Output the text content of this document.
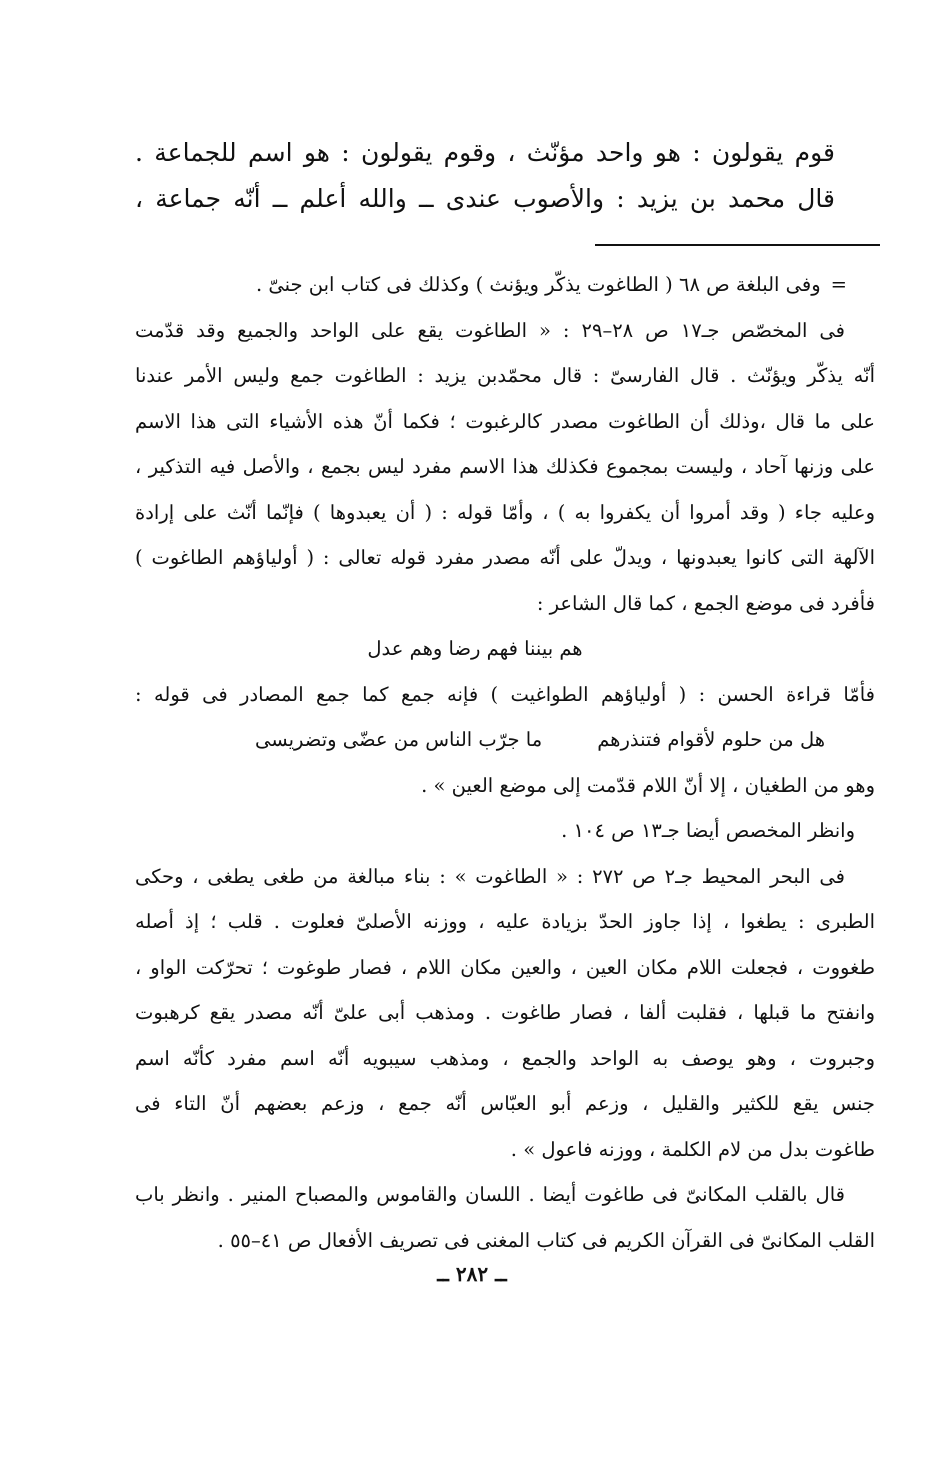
قوم يقولون : هو واحد مؤنّث ، وقوم يقولون : هو اسم للجماعة .
قال محمد بن يزيد : والأصوب عندى ــ والله أعلم ــ أنّه جماعة ،
=وفى البلغة ص ٦٨ ( الطاغوت يذكّر ويؤنث ) وكذلك فى كتاب ابن جنىّ .
فى المخصّص جـ١٧ ص ٢٨–٢٩ : « الطاغوت يقع على الواحد والجميع وقد قدّمت
أنّه يذكّر ويؤنّث . قال الفارسىّ : قال محمّدبن يزيد : الطاغوت جمع وليس الأمر عندنا
على ما قال ،وذلك أن الطاغوت مصدر كالرغبوت ؛ فكما أنّ هذه الأشياء التى هذا الاسم
على وزنها آحاد ، وليست بمجموع فكذلك هذا الاسم مفرد ليس بجمع ، والأصل فيه التذكير ،
وعليه جاء ( وقد أمروا أن يكفروا به ) ، وأمّا قوله : ( أن يعبدوها ) فإنّما أنّث على إرادة
الآلهة التى كانوا يعبدونها ، ويدلّ على أنّه مصدر مفرد قوله تعالى : ( أولياؤهم الطاغوت )
فأفرد فى موضع الجمع ، كما قال الشاعر :
هم بيننا فهم رضا وهم عدل
فأمّا قراءة الحسن : ( أولياؤهم الطواغيت ) فإنه جمع كما جمع المصادر فى قوله :
هل من حلوم لأقوام فتنذرهمما جرّب الناس من عضّى وتضريسى
وهو من الطغيان ، إلا أنّ اللام قدّمت إلى موضع العين » .
وانظر المخصص أيضا جـ١٣ ص ١٠٤ .
فى البحر المحيط جـ٢ ص ٢٧٢ : « الطاغوت » : بناء مبالغة من طغى يطغى ، وحكى
الطبرى : يطغوا ، إذا جاوز الحدّ بزيادة عليه ، ووزنه الأصلىّ فعلوت . قلب ؛ إذ أصله
طغووت ، فجعلت اللام مكان العين ، والعين مكان اللام ، فصار طوغوت ؛ تحرّكت الواو ،
وانفتح ما قبلها ، فقلبت ألفا ، فصار طاغوت . ومذهب أبى علىّ أنّه مصدر يقع كرهبوت
وجبروت ، وهو يوصف به الواحد والجمع ، ومذهب سيبويه أنّه اسم مفرد كأنّه اسم
جنس يقع للكثير والقليل ، وزعم أبو العبّاس أنّه جمع ، وزعم بعضهم أنّ التاء فى
طاغوت بدل من لام الكلمة ، ووزنه فاعول » .
قال بالقلب المكانىّ فى طاغوت أيضا . اللسان والقاموس والمصباح المنير . وانظر باب
القلب المكانىّ فى القرآن الكريم فى كتاب المغنى فى تصريف الأفعال ص ٤١–٥٥ .
ــ ٢٨٢ ــ
